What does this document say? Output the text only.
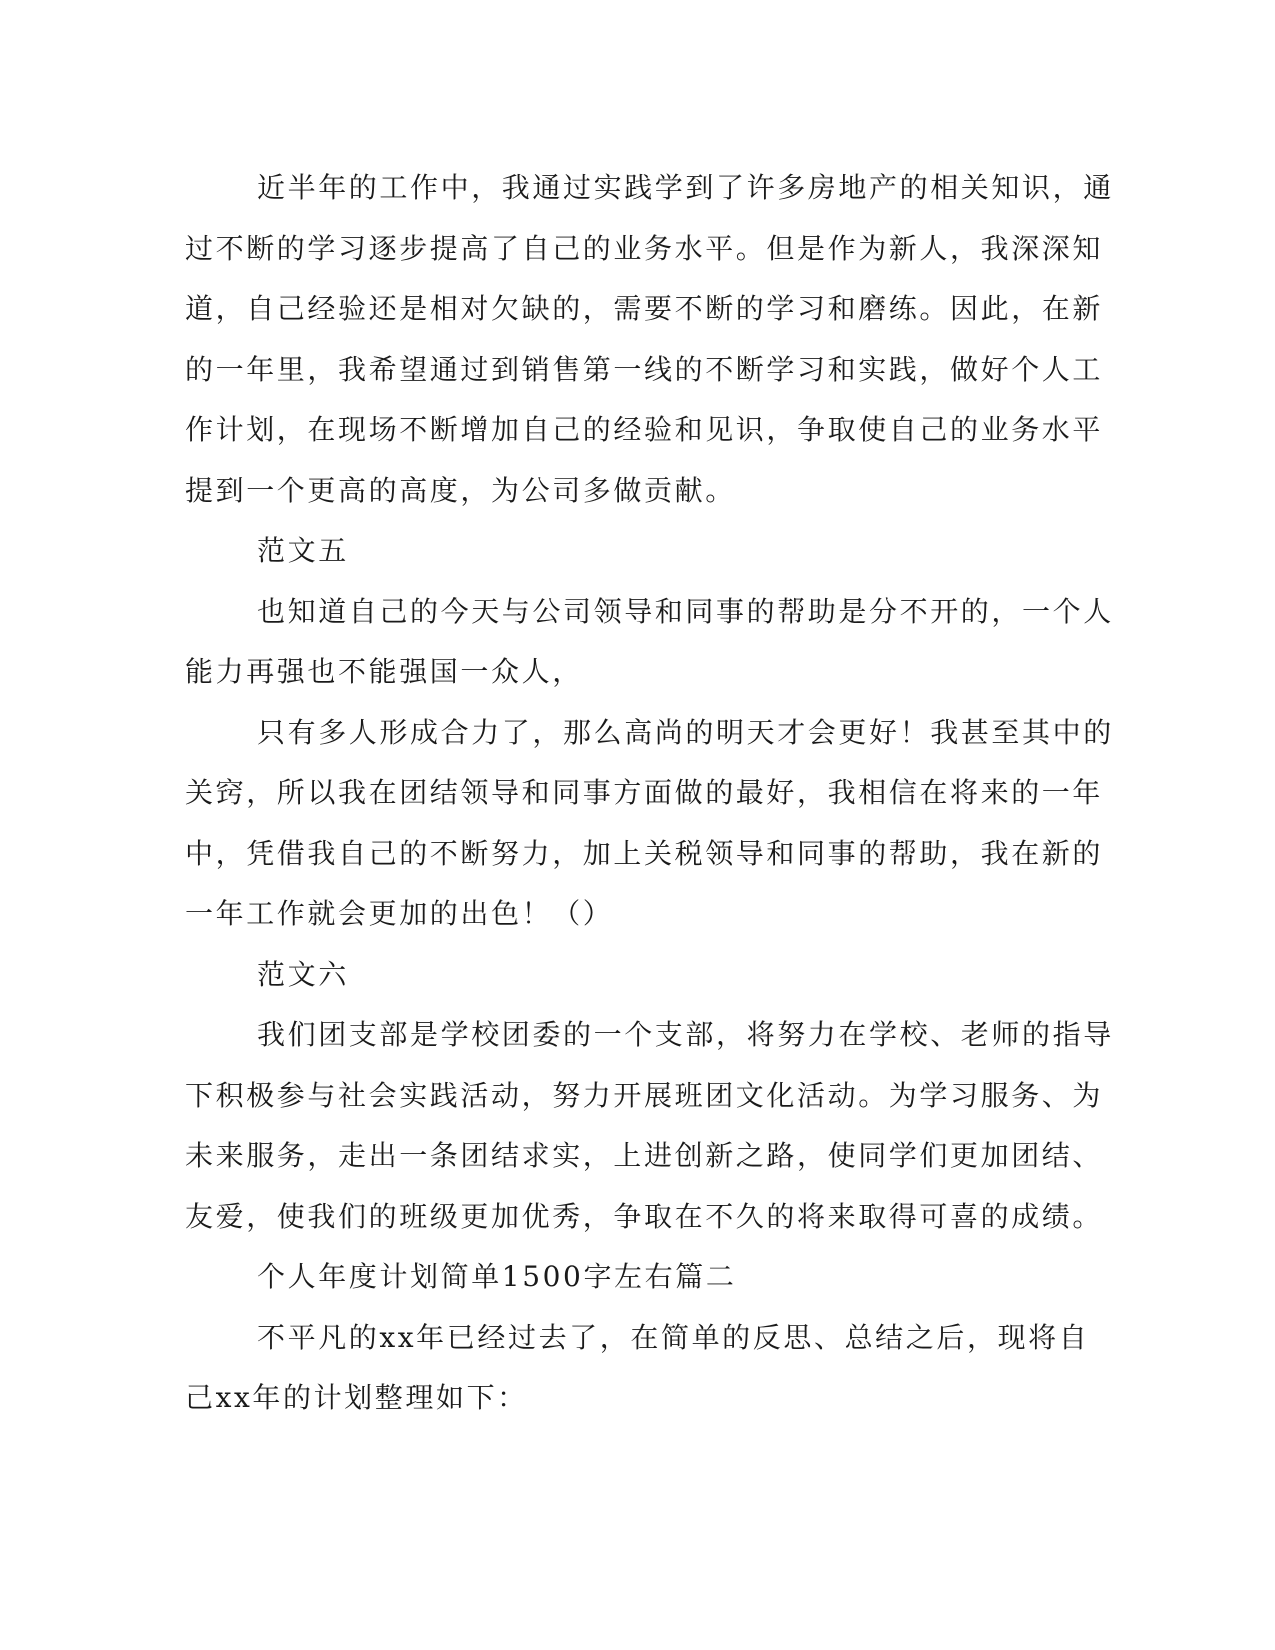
近半年的工作中，我通过实践学到了许多房地产的相关知识，通
过不断的学习逐步提高了自己的业务水平。但是作为新人，我深深知
道，自己经验还是相对欠缺的，需要不断的学习和磨练。因此，在新
的一年里，我希望通过到销售第一线的不断学习和实践，做好个人工
作计划，在现场不断增加自己的经验和见识，争取使自己的业务水平
提到一个更高的高度，为公司多做贡献。

范文五

也知道自己的今天与公司领导和同事的帮助是分不开的，一个人
能力再强也不能强国一众人，

只有多人形成合力了，那么高尚的明天才会更好！我甚至其中的
关窍，所以我在团结领导和同事方面做的最好，我相信在将来的一年
中，凭借我自己的不断努力，加上关税领导和同事的帮助，我在新的
一年工作就会更加的出色！（）

范文六

我们团支部是学校团委的一个支部，将努力在学校、老师的指导
下积极参与社会实践活动，努力开展班团文化活动。为学习服务、为
未来服务，走出一条团结求实，上进创新之路，使同学们更加团结、
友爱，使我们的班级更加优秀，争取在不久的将来取得可喜的成绩。

个人年度计划简单1500字左右篇二

不平凡的xx年已经过去了，在简单的反思、总结之后，现将自
己xx年的计划整理如下：
